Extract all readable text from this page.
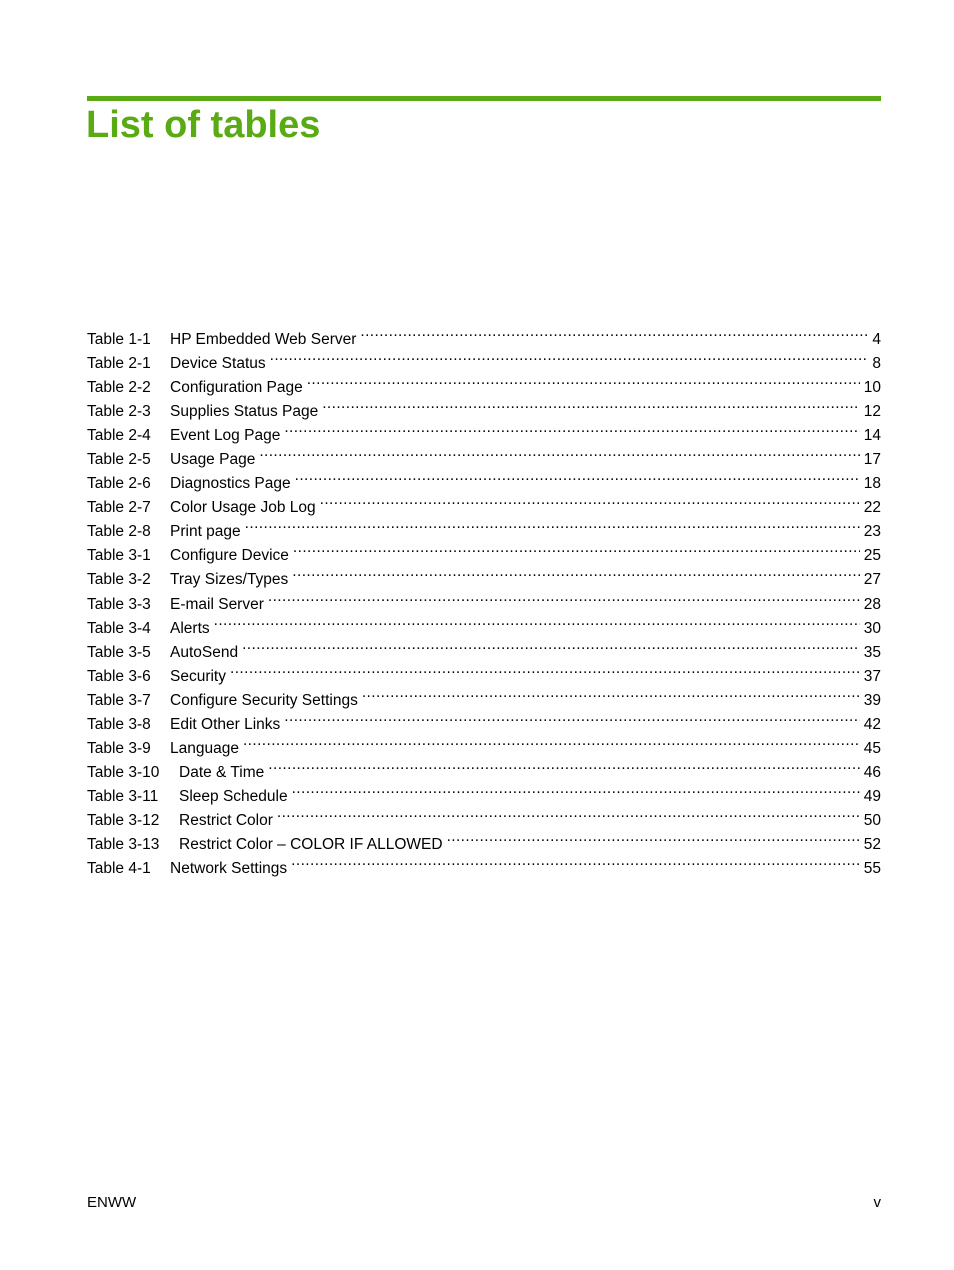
List of tables
Table 1-1	HP Embedded Web Server .....	4
Table 2-1	Device Status .....	8
Table 2-2	Configuration Page .....	10
Table 2-3	Supplies Status Page .....	12
Table 2-4	Event Log Page .....	14
Table 2-5	Usage Page .....	17
Table 2-6	Diagnostics Page .....	18
Table 2-7	Color Usage Job Log .....	22
Table 2-8	Print page .....	23
Table 3-1	Configure Device .....	25
Table 3-2	Tray Sizes/Types .....	27
Table 3-3	E-mail Server .....	28
Table 3-4	Alerts .....	30
Table 3-5	AutoSend .....	35
Table 3-6	Security .....	37
Table 3-7	Configure Security Settings .....	39
Table 3-8	Edit Other Links .....	42
Table 3-9	Language .....	45
Table 3-10	Date & Time .....	46
Table 3-11	Sleep Schedule .....	49
Table 3-12	Restrict Color .....	50
Table 3-13	Restrict Color – COLOR IF ALLOWED .....	52
Table 4-1	Network Settings .....	55
ENWW	v
